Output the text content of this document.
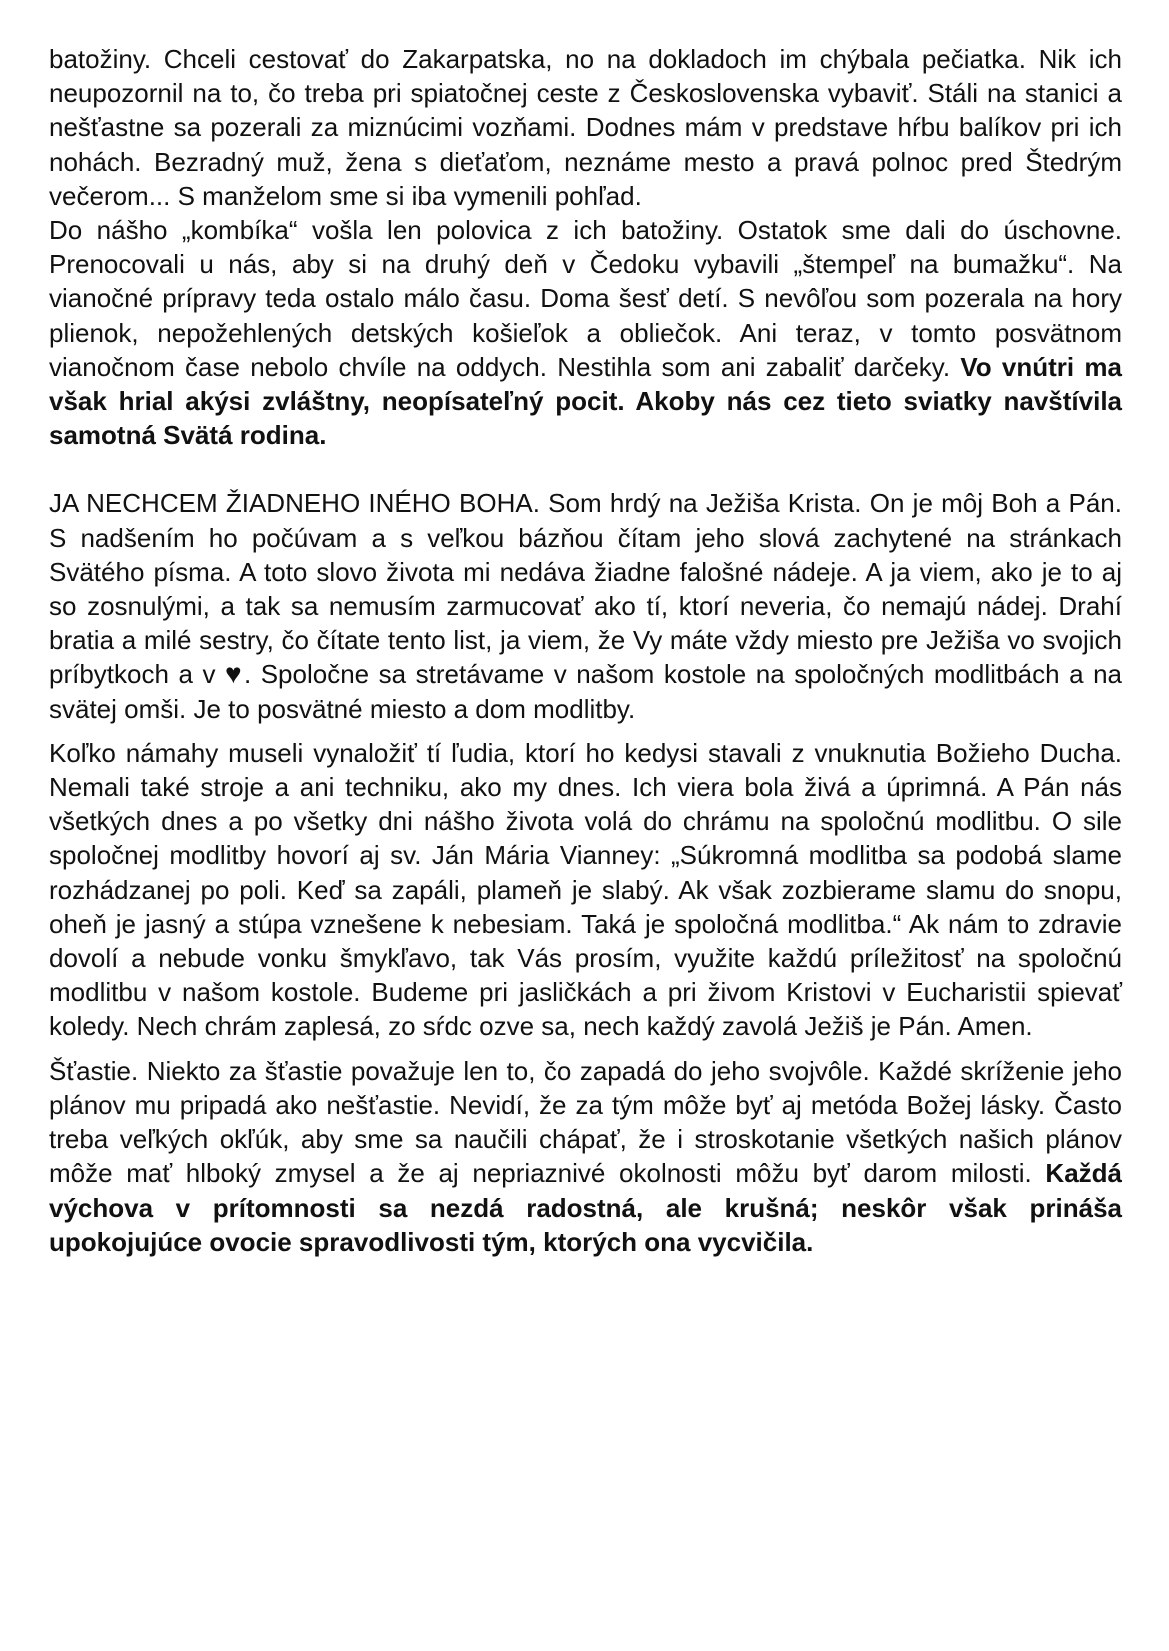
batožiny. Chceli cestovať do Zakarpatska, no na dokladoch im chýbala pečiatka. Nik ich neupozornil na to, čo treba pri spiatočnej ceste z Československa vybaviť. Stáli na stanici a nešťastne sa pozerali za miznúcimi vozňami. Dodnes mám v predstave hŕbu balíkov pri ich nohách. Bezradný muž, žena s dieťaťom, neznáme mesto a pravá polnoc pred Štedrým večerom... S manželom sme si iba vymenili pohľad.

Do nášho „kombíka“ vošla len polovica z ich batožiny. Ostatok sme dali do úschovne. Prenocovali u nás, aby si na druhý deň v Čedoku vybavili „štempeľ na bumažku“. Na vianočné prípravy teda ostalo málo času. Doma šesť detí. S nevôľou som pozerala na hory plienok, nepožehlených detských košieľok a obliečok. Ani teraz, v tomto posvätnom vianočnom čase nebolo chvíle na oddych. Nestihla som ani zabaliť darčeky. Vo vnútri ma však hrial akýsi zvláštny, neopísateľný pocit. Akoby nás cez tieto sviatky navštívila samotná Svätá rodina.

JA NECHCEM ŽIADNEHO INÉHO BOHA. Som hrdý na Ježiša Krista. On je môj Boh a Pán. S nadšením ho počúvam a s veľkou bázňou čítam jeho slová zachytené na stránkach Svätého písma. A toto slovo života mi nedáva žiadne falošné nádeje. A ja viem, ako je to aj so zosnulými, a tak sa nemusím zarmucovať ako tí, ktorí neveria, čo nemajú nádej. Drahí bratia a milé sestry, čo čítate tento list, ja viem, že Vy máte vždy miesto pre Ježiša vo svojich príbytkoch a v ♥. Spoločne sa stretávame v našom kostole na spoločných modlitbách a na svätej omši. Je to posvätné miesto a dom modlitby.

Koľko námahy museli vynaložiť tí ľudia, ktorí ho kedysi stavali z vnuknutia Božieho Ducha. Nemali také stroje a ani techniku, ako my dnes. Ich viera bola živá a úprimná. A Pán nás všetkých dnes a po všetky dni nášho života volá do chrámu na spoločnú modlitbu. O sile spoločnej modlitby hovorí aj sv. Ján Mária Vianney: „Súkromná modlitba sa podobá slame rozhádzanej po poli. Keď sa zapáli, plameň je slabý. Ak však zozbierame slamu do snopu, oheň je jasný a stúpa vznešene k nebesiam. Taká je spoločná modlitba.“ Ak nám to zdravie dovolí a nebude vonku šmykľavo, tak Vás prosím, využite každú príležitosť na spoločnú modlitbu v našom kostole. Budeme pri jasličkách a pri živom Kristovi v Eucharistii spievať koledy. Nech chrám zaplesá, zo sŕdc ozve sa, nech každý zavolá Ježiš je Pán. Amen.

Šťastie. Niekto za šťastie považuje len to, čo zapadá do jeho svojvôle. Každé skríženie jeho plánov mu pripadá ako nešťastie. Nevidí, že za tým môže byť aj metóda Božej lásky. Často treba veľkých okľúk, aby sme sa naučili chápať, že i stroskotanie všetkých našich plánov môže mať hlboký zmysel a že aj nepriaznivé okolnosti môžu byť darom milosti. Každá výchova v prítomnosti sa nezdá radostná, ale krušná; neskôr však prináša upokojujúce ovocie spravodlivosti tým, ktorých ona vycvičila.
